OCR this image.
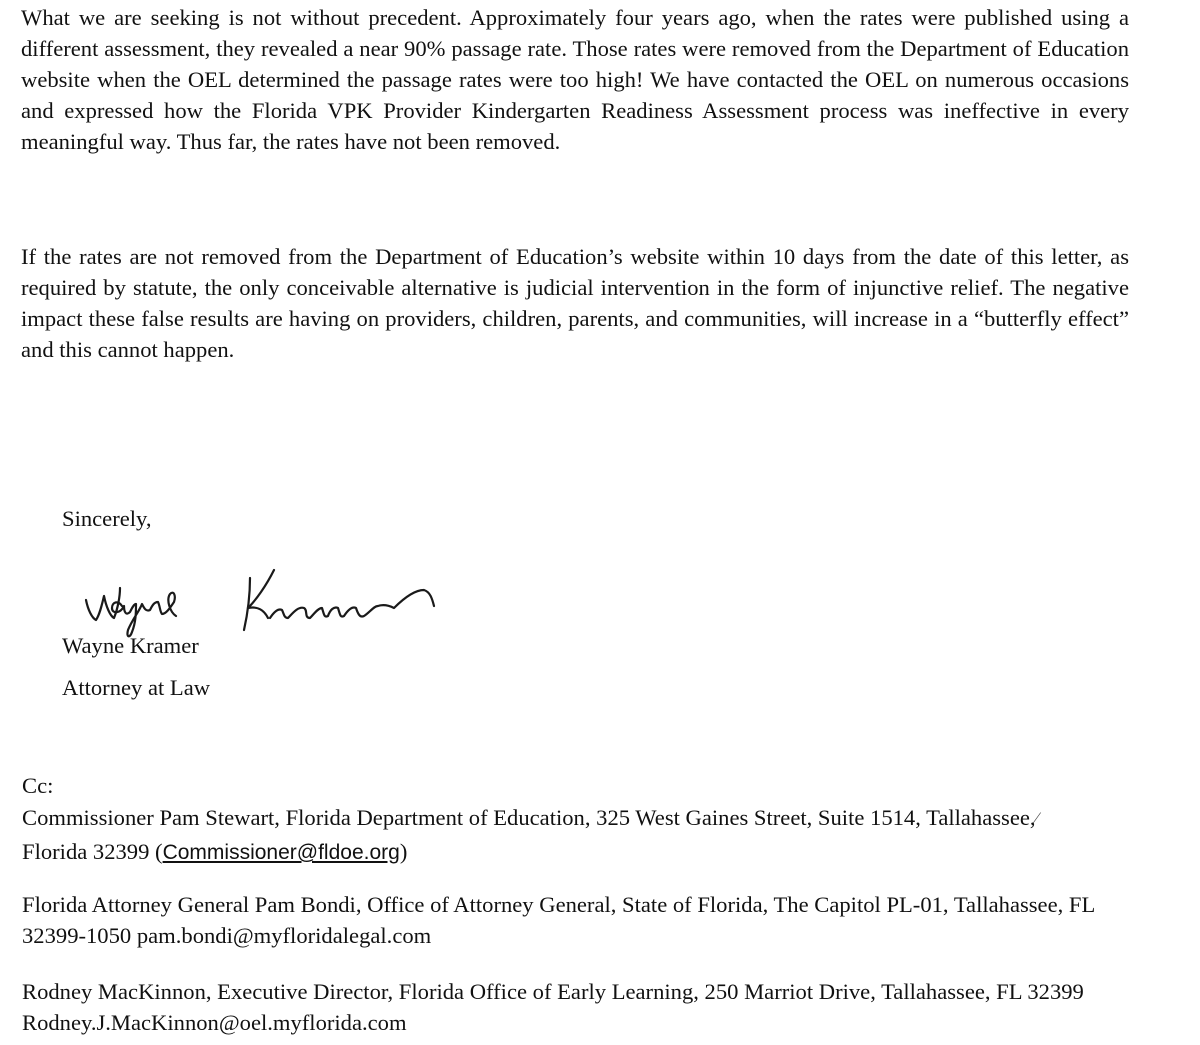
What we are seeking is not without precedent. Approximately four years ago, when the rates were published using a different assessment, they revealed a near 90% passage rate. Those rates were removed from the Department of Education website when the OEL determined the passage rates were too high! We have contacted the OEL on numerous occasions and expressed how the Florida VPK Provider Kindergarten Readiness Assessment process was ineffective in every meaningful way. Thus far, the rates have not been removed.

If the rates are not removed from the Department of Education’s website within 10 days from the date of this letter, as required by statute, the only conceivable alternative is judicial intervention in the form of injunctive relief. The negative impact these false results are having on providers, children, parents, and communities, will increase in a “butterfly effect” and this cannot happen.

Sincerely,

Wayne Kramer

Attorney at Law

Cc:

Commissioner Pam Stewart, Florida Department of Education, 325 West Gaines Street, Suite 1514, Tallahassee,⁄
Florida 32399 (Commissioner@fldoe.org)

Florida Attorney General Pam Bondi, Office of Attorney General, State of Florida, The Capitol PL-01, Tallahassee, FL 32399-1050 pam.bondi@myfloridalegal.com

Rodney MacKinnon, Executive Director, Florida Office of Early Learning, 250 Marriot Drive, Tallahassee, FL 32399 Rodney.J.MacKinnon@oel.myflorida.com
